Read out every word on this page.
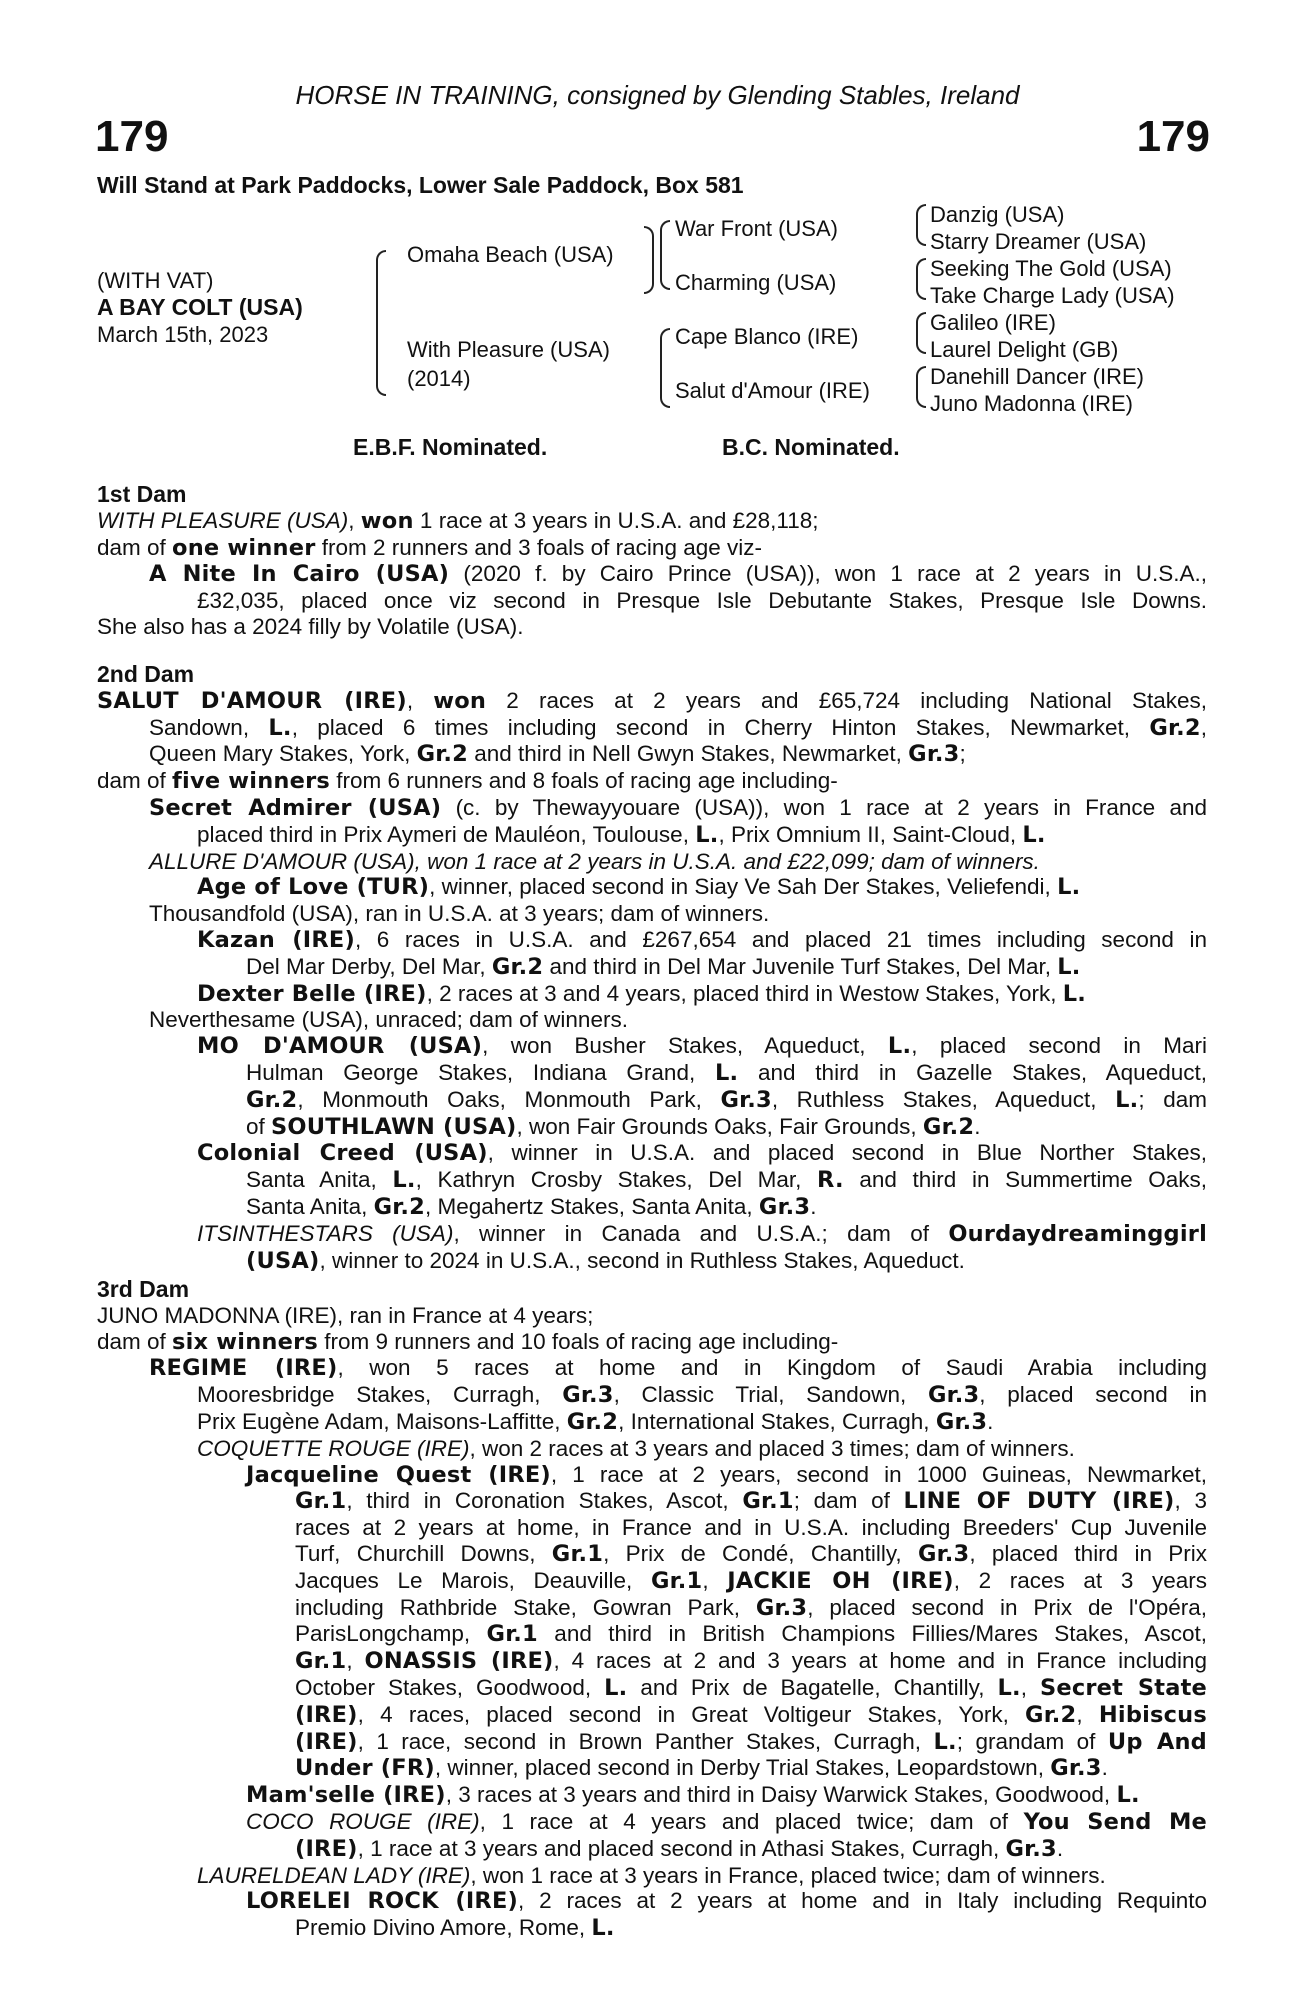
HORSE IN TRAINING, consigned by Glending Stables, Ireland
179	179
Will Stand at Park Paddocks, Lower Sale Paddock, Box 581
(WITH VAT)
A BAY COLT (USA)
March 15th, 2023
Omaha Beach (USA)
With Pleasure (USA)
(2014)
War Front (USA)
Charming (USA)
Cape Blanco (IRE)
Salut d'Amour (IRE)
Danzig (USA)
Starry Dreamer (USA)
Seeking The Gold (USA)
Take Charge Lady (USA)
Galileo (IRE)
Laurel Delight (GB)
Danehill Dancer (IRE)
Juno Madonna (IRE)
E.B.F. Nominated.	B.C. Nominated.
1st Dam
WITH PLEASURE (USA), won 1 race at 3 years in U.S.A. and £28,118;
dam of one winner from 2 runners and 3 foals of racing age viz-
A Nite In Cairo (USA) (2020 f. by Cairo Prince (USA)), won 1 race at 2 years in U.S.A.,
£32,035, placed once viz second in Presque Isle Debutante Stakes, Presque Isle Downs.
She also has a 2024 filly by Volatile (USA).
2nd Dam
SALUT D'AMOUR (IRE), won 2 races at 2 years and £65,724 including National Stakes,
Sandown, L., placed 6 times including second in Cherry Hinton Stakes, Newmarket, Gr.2,
Queen Mary Stakes, York, Gr.2 and third in Nell Gwyn Stakes, Newmarket, Gr.3;
dam of five winners from 6 runners and 8 foals of racing age including-
Secret Admirer (USA) (c. by Thewayyouare (USA)), won 1 race at 2 years in France and
placed third in Prix Aymeri de Mauléon, Toulouse, L., Prix Omnium II, Saint-Cloud, L.
ALLURE D'AMOUR (USA), won 1 race at 2 years in U.S.A. and £22,099; dam of winners.
Age of Love (TUR), winner, placed second in Siay Ve Sah Der Stakes, Veliefendi, L.
Thousandfold (USA), ran in U.S.A. at 3 years; dam of winners.
Kazan (IRE), 6 races in U.S.A. and £267,654 and placed 21 times including second in
Del Mar Derby, Del Mar, Gr.2 and third in Del Mar Juvenile Turf Stakes, Del Mar, L.
Dexter Belle (IRE), 2 races at 3 and 4 years, placed third in Westow Stakes, York, L.
Neverthesame (USA), unraced; dam of winners.
MO D'AMOUR (USA), won Busher Stakes, Aqueduct, L., placed second in Mari
Hulman George Stakes, Indiana Grand, L. and third in Gazelle Stakes, Aqueduct,
Gr.2, Monmouth Oaks, Monmouth Park, Gr.3, Ruthless Stakes, Aqueduct, L.; dam
of SOUTHLAWN (USA), won Fair Grounds Oaks, Fair Grounds, Gr.2.
Colonial Creed (USA), winner in U.S.A. and placed second in Blue Norther Stakes,
Santa Anita, L., Kathryn Crosby Stakes, Del Mar, R. and third in Summertime Oaks,
Santa Anita, Gr.2, Megahertz Stakes, Santa Anita, Gr.3.
ITSINTHESTARS (USA), winner in Canada and U.S.A.; dam of Ourdaydreaminggirl
(USA), winner to 2024 in U.S.A., second in Ruthless Stakes, Aqueduct.
3rd Dam
JUNO MADONNA (IRE), ran in France at 4 years;
dam of six winners from 9 runners and 10 foals of racing age including-
REGIME (IRE), won 5 races at home and in Kingdom of Saudi Arabia including
Mooresbridge Stakes, Curragh, Gr.3, Classic Trial, Sandown, Gr.3, placed second in
Prix Eugène Adam, Maisons-Laffitte, Gr.2, International Stakes, Curragh, Gr.3.
COQUETTE ROUGE (IRE), won 2 races at 3 years and placed 3 times; dam of winners.
Jacqueline Quest (IRE), 1 race at 2 years, second in 1000 Guineas, Newmarket,
Gr.1, third in Coronation Stakes, Ascot, Gr.1; dam of LINE OF DUTY (IRE), 3
races at 2 years at home, in France and in U.S.A. including Breeders' Cup Juvenile
Turf, Churchill Downs, Gr.1, Prix de Condé, Chantilly, Gr.3, placed third in Prix
Jacques Le Marois, Deauville, Gr.1, JACKIE OH (IRE), 2 races at 3 years
including Rathbride Stake, Gowran Park, Gr.3, placed second in Prix de l'Opéra,
ParisLongchamp, Gr.1 and third in British Champions Fillies/Mares Stakes, Ascot,
Gr.1, ONASSIS (IRE), 4 races at 2 and 3 years at home and in France including
October Stakes, Goodwood, L. and Prix de Bagatelle, Chantilly, L., Secret State
(IRE), 4 races, placed second in Great Voltigeur Stakes, York, Gr.2, Hibiscus
(IRE), 1 race, second in Brown Panther Stakes, Curragh, L.; grandam of Up And
Under (FR), winner, placed second in Derby Trial Stakes, Leopardstown, Gr.3.
Mam'selle (IRE), 3 races at 3 years and third in Daisy Warwick Stakes, Goodwood, L.
COCO ROUGE (IRE), 1 race at 4 years and placed twice; dam of You Send Me
(IRE), 1 race at 3 years and placed second in Athasi Stakes, Curragh, Gr.3.
LAURELDEAN LADY (IRE), won 1 race at 3 years in France, placed twice; dam of winners.
LORELEI ROCK (IRE), 2 races at 2 years at home and in Italy including Requinto
Premio Divino Amore, Rome, L.
